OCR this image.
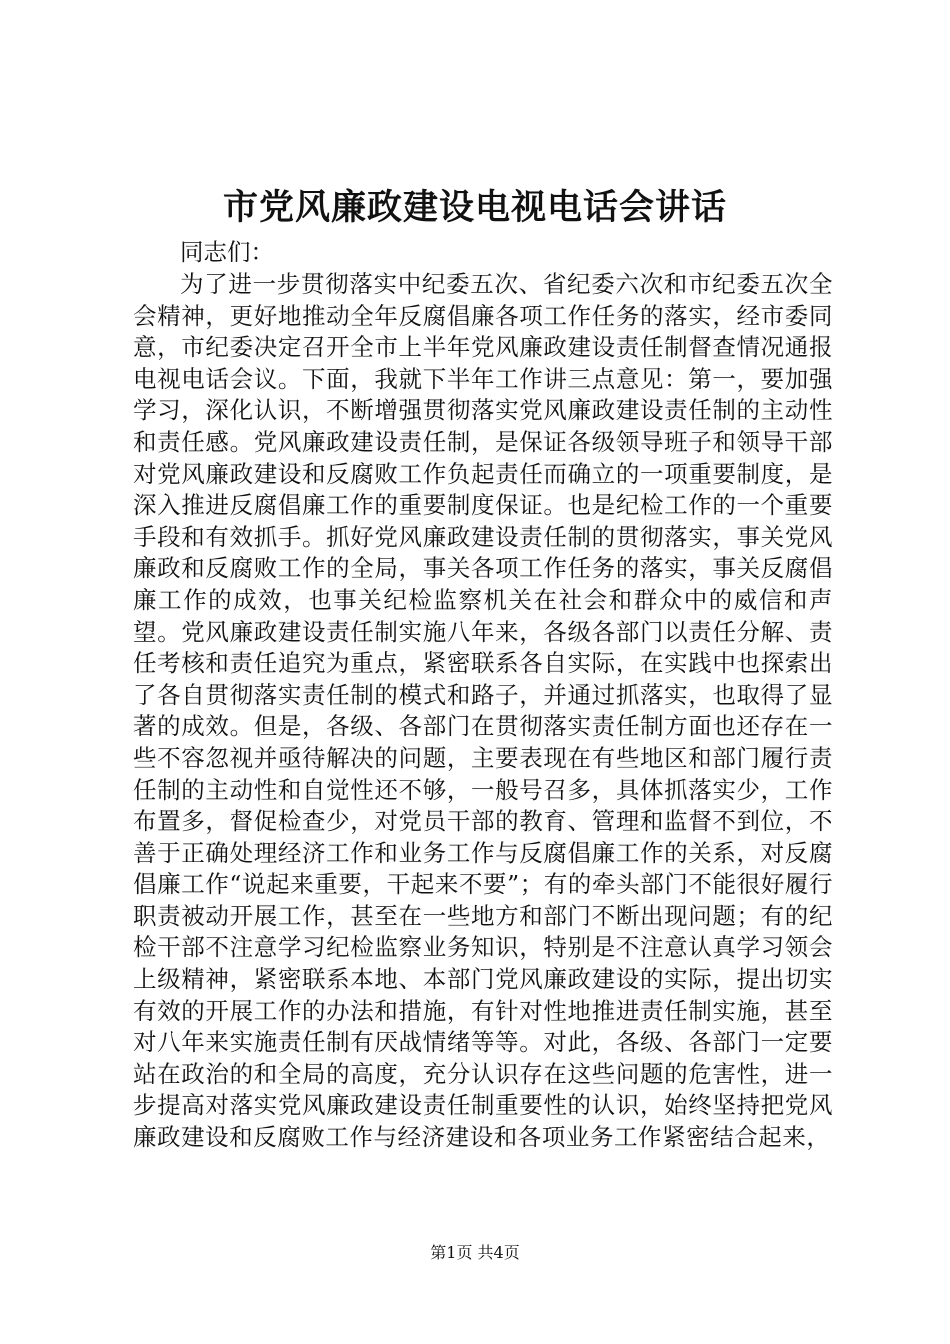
市党风廉政建设电视电话会讲话

同志们：

为了进一步贯彻落实中纪委五次、省纪委六次和市纪委五次全会精神，更好地推动全年反腐倡廉各项工作任务的落实，经市委同意，市纪委决定召开全市上半年党风廉政建设责任制督查情况通报电视电话会议。下面，我就下半年工作讲三点意见：第一，要加强学习，深化认识，不断增强贯彻落实党风廉政建设责任制的主动性和责任感。党风廉政建设责任制，是保证各级领导班子和领导干部对党风廉政建设和反腐败工作负起责任而确立的一项重要制度，是深入推进反腐倡廉工作的重要制度保证。也是纪检工作的一个重要手段和有效抓手。抓好党风廉政建设责任制的贯彻落实，事关党风廉政和反腐败工作的全局，事关各项工作任务的落实，事关反腐倡廉工作的成效，也事关纪检监察机关在社会和群众中的威信和声望。党风廉政建设责任制实施八年来，各级各部门以责任分解、责任考核和责任追究为重点，紧密联系各自实际，在实践中也探索出了各自贯彻落实责任制的模式和路子，并通过抓落实，也取得了显著的成效。但是，各级、各部门在贯彻落实责任制方面也还存在一些不容忽视并亟待解决的问题，主要表现在有些地区和部门履行责任制的主动性和自觉性还不够，一般号召多，具体抓落实少，工作布置多，督促检查少，对党员干部的教育、管理和监督不到位，不善于正确处理经济工作和业务工作与反腐倡廉工作的关系，对反腐倡廉工作“说起来重要，干起来不要”；有的牵头部门不能很好履行职责被动开展工作，甚至在一些地方和部门不断出现问题；有的纪检干部不注意学习纪检监察业务知识，特别是不注意认真学习领会上级精神，紧密联系本地、本部门党风廉政建设的实际，提出切实有效的开展工作的办法和措施，有针对性地推进责任制实施，甚至对八年来实施责任制有厌战情绪等等。对此，各级、各部门一定要站在政治的和全局的高度，充分认识存在这些问题的危害性，进一步提高对落实党风廉政建设责任制重要性的认识，始终坚持把党风廉政建设和反腐败工作与经济建设和各项业务工作紧密结合起来，

第1页 共4页
